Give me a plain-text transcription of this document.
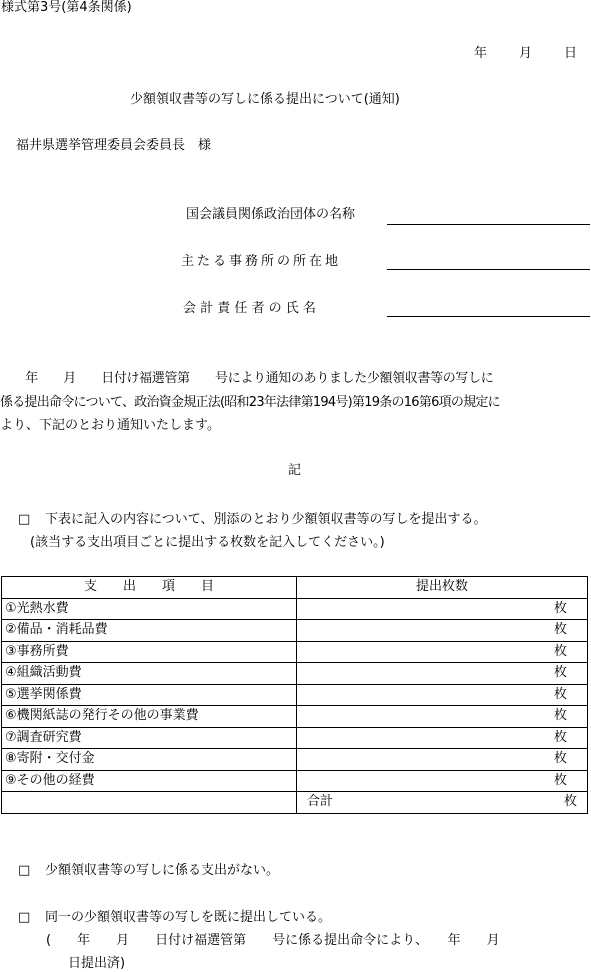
様式第3号(第4条関係)
年　　月　　日
少額領収書等の写しに係る提出について(通知)
福井県選挙管理委員会委員長　様
国会議員関係政治団体の名称
主たる事務所の所在地
会 計 責 任 者 の 氏 名
　　年　　月　　日付け福選管第　　号により通知のありました少額領収書等の写しに
係る提出命令について、政治資金規正法(昭和23年法律第194号)第19条の16第6項の規定に
より、下記のとおり通知いたします。
記
□ 下表に記入の内容について、別添のとおり少額領収書等の写しを提出する。
(該当する支出項目ごとに提出する枚数を記入してください。)
支　　出　　項　　目	提出枚数
①光熱水費	枚
②備品・消耗品費	枚
③事務所費	枚
④組織活動費	枚
⑤選挙関係費	枚
⑥機関紙誌の発行その他の事業費	枚
⑦調査研究費	枚
⑧寄附・交付金	枚
⑨その他の経費	枚

	合計 枚
□ 少額領収書等の写しに係る支出がない。
□ 同一の少額領収書等の写しを既に提出している。
(　　年　　月　　日付け福選管第　　号に係る提出命令により、　　年　　月
日提出済)
